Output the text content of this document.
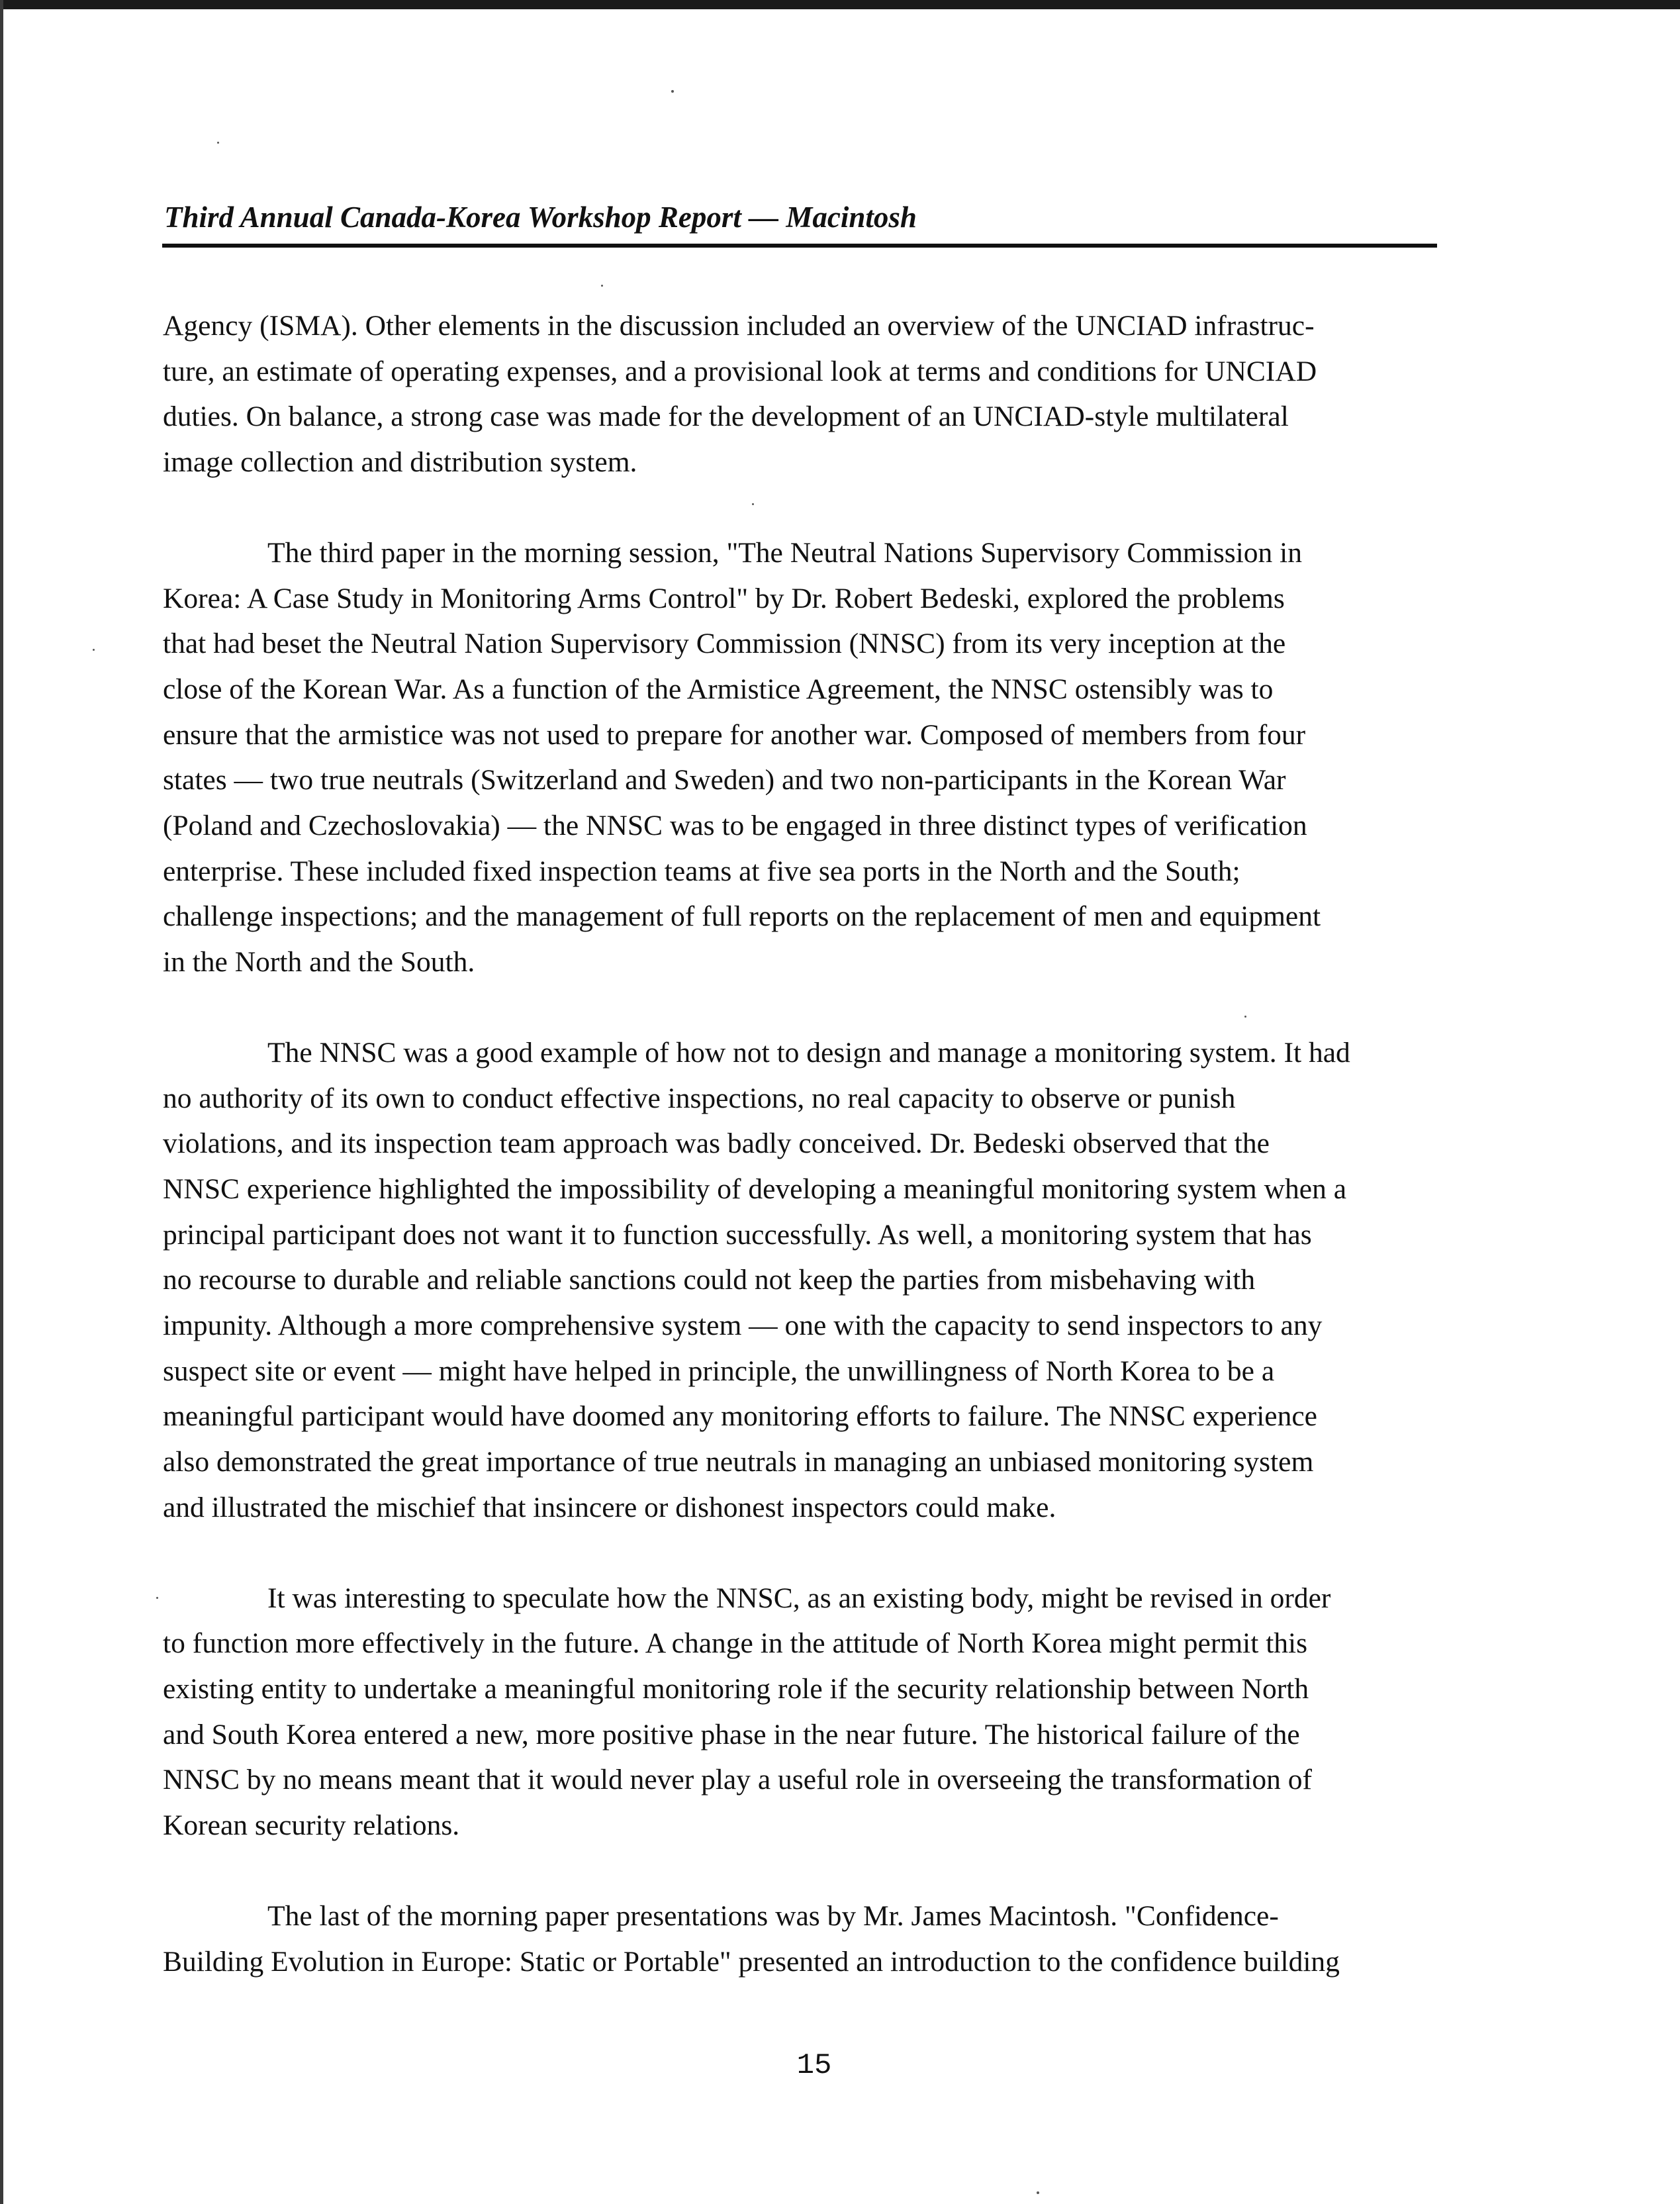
Third Annual Canada-Korea Workshop Report — Macintosh

Agency (ISMA). Other elements in the discussion included an overview of the UNCIAD infrastruc-
ture, an estimate of operating expenses, and a provisional look at terms and conditions for UNCIAD
duties. On balance, a strong case was made for the development of an UNCIAD-style multilateral
image collection and distribution system.

The third paper in the morning session, "The Neutral Nations Supervisory Commission in
Korea: A Case Study in Monitoring Arms Control" by Dr. Robert Bedeski, explored the problems
that had beset the Neutral Nation Supervisory Commission (NNSC) from its very inception at the
close of the Korean War. As a function of the Armistice Agreement, the NNSC ostensibly was to
ensure that the armistice was not used to prepare for another war. Composed of members from four
states — two true neutrals (Switzerland and Sweden) and two non-participants in the Korean War
(Poland and Czechoslovakia) — the NNSC was to be engaged in three distinct types of verification
enterprise. These included fixed inspection teams at five sea ports in the North and the South;
challenge inspections; and the management of full reports on the replacement of men and equipment
in the North and the South.

The NNSC was a good example of how not to design and manage a monitoring system. It had
no authority of its own to conduct effective inspections, no real capacity to observe or punish
violations, and its inspection team approach was badly conceived. Dr. Bedeski observed that the
NNSC experience highlighted the impossibility of developing a meaningful monitoring system when a
principal participant does not want it to function successfully. As well, a monitoring system that has
no recourse to durable and reliable sanctions could not keep the parties from misbehaving with
impunity. Although a more comprehensive system — one with the capacity to send inspectors to any
suspect site or event — might have helped in principle, the unwillingness of North Korea to be a
meaningful participant would have doomed any monitoring efforts to failure. The NNSC experience
also demonstrated the great importance of true neutrals in managing an unbiased monitoring system
and illustrated the mischief that insincere or dishonest inspectors could make.

It was interesting to speculate how the NNSC, as an existing body, might be revised in order
to function more effectively in the future. A change in the attitude of North Korea might permit this
existing entity to undertake a meaningful monitoring role if the security relationship between North
and South Korea entered a new, more positive phase in the near future. The historical failure of the
NNSC by no means meant that it would never play a useful role in overseeing the transformation of
Korean security relations.

The last of the morning paper presentations was by Mr. James Macintosh. "Confidence-
Building Evolution in Europe: Static or Portable" presented an introduction to the confidence building

15
